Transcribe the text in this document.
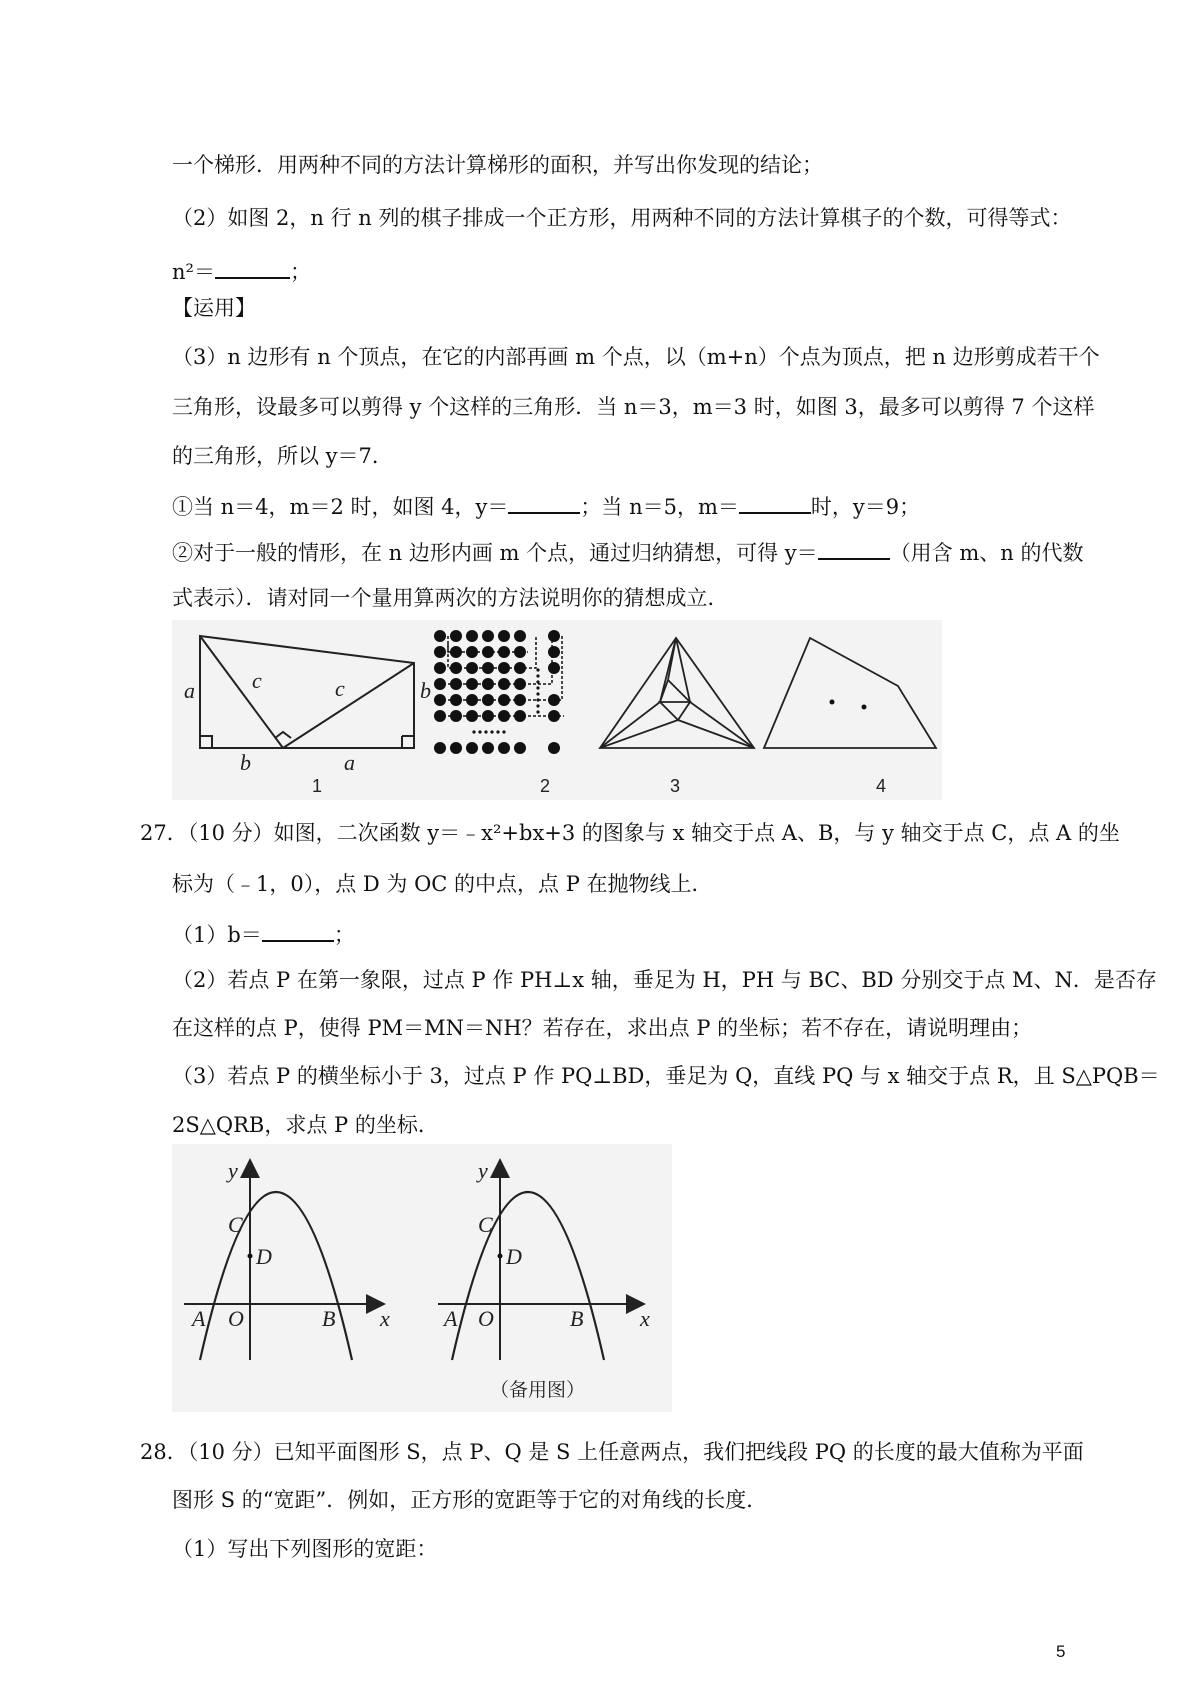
一个梯形．用两种不同的方法计算梯形的面积，并写出你发现的结论；
（2）如图 2，n 行 n 列的棋子排成一个正方形，用两种不同的方法计算棋子的个数，可得等式：
n²＝	；
【运用】
（3）n 边形有 n 个顶点，在它的内部再画 m 个点，以（m+n）个点为顶点，把 n 边形剪成若干个
三角形，设最多可以剪得 y 个这样的三角形．当 n＝3，m＝3 时，如图 3，最多可以剪得 7 个这样
的三角形，所以 y＝7．
①当 n＝4，m＝2 时，如图 4，y＝	；当 n＝5，m＝	时，y＝9；
②对于一般的情形，在 n 边形内画 m 个点，通过归纳猜想，可得 y＝	（用含 m、n 的代数
式表示）．请对同一个量用算两次的方法说明你的猜想成立．
a	c	c	b
b	a
1	2	3	4
27．（10 分）如图，二次函数 y＝﹣x²+bx+3 的图象与 x 轴交于点 A、B，与 y 轴交于点 C，点 A 的坐
标为（﹣1，0），点 D 为 OC 的中点，点 P 在抛物线上．
（1）b＝	；
（2）若点 P 在第一象限，过点 P 作 PH⊥x 轴，垂足为 H，PH 与 BC、BD 分别交于点 M、N．是否存
在这样的点 P，使得 PM＝MN＝NH？若存在，求出点 P 的坐标；若不存在，请说明理由；
（3）若点 P 的横坐标小于 3，过点 P 作 PQ⊥BD，垂足为 Q，直线 PQ 与 x 轴交于点 R，且 S△PQB＝
2S△QRB，求点 P 的坐标．
y
C
D
A O	B x
y
C
D
A O	B	x
（备用图）
28．（10 分）已知平面图形 S，点 P、Q 是 S 上任意两点，我们把线段 PQ 的长度的最大值称为平面
图形 S 的“宽距”．例如，正方形的宽距等于它的对角线的长度．
（1）写出下列图形的宽距：
5
